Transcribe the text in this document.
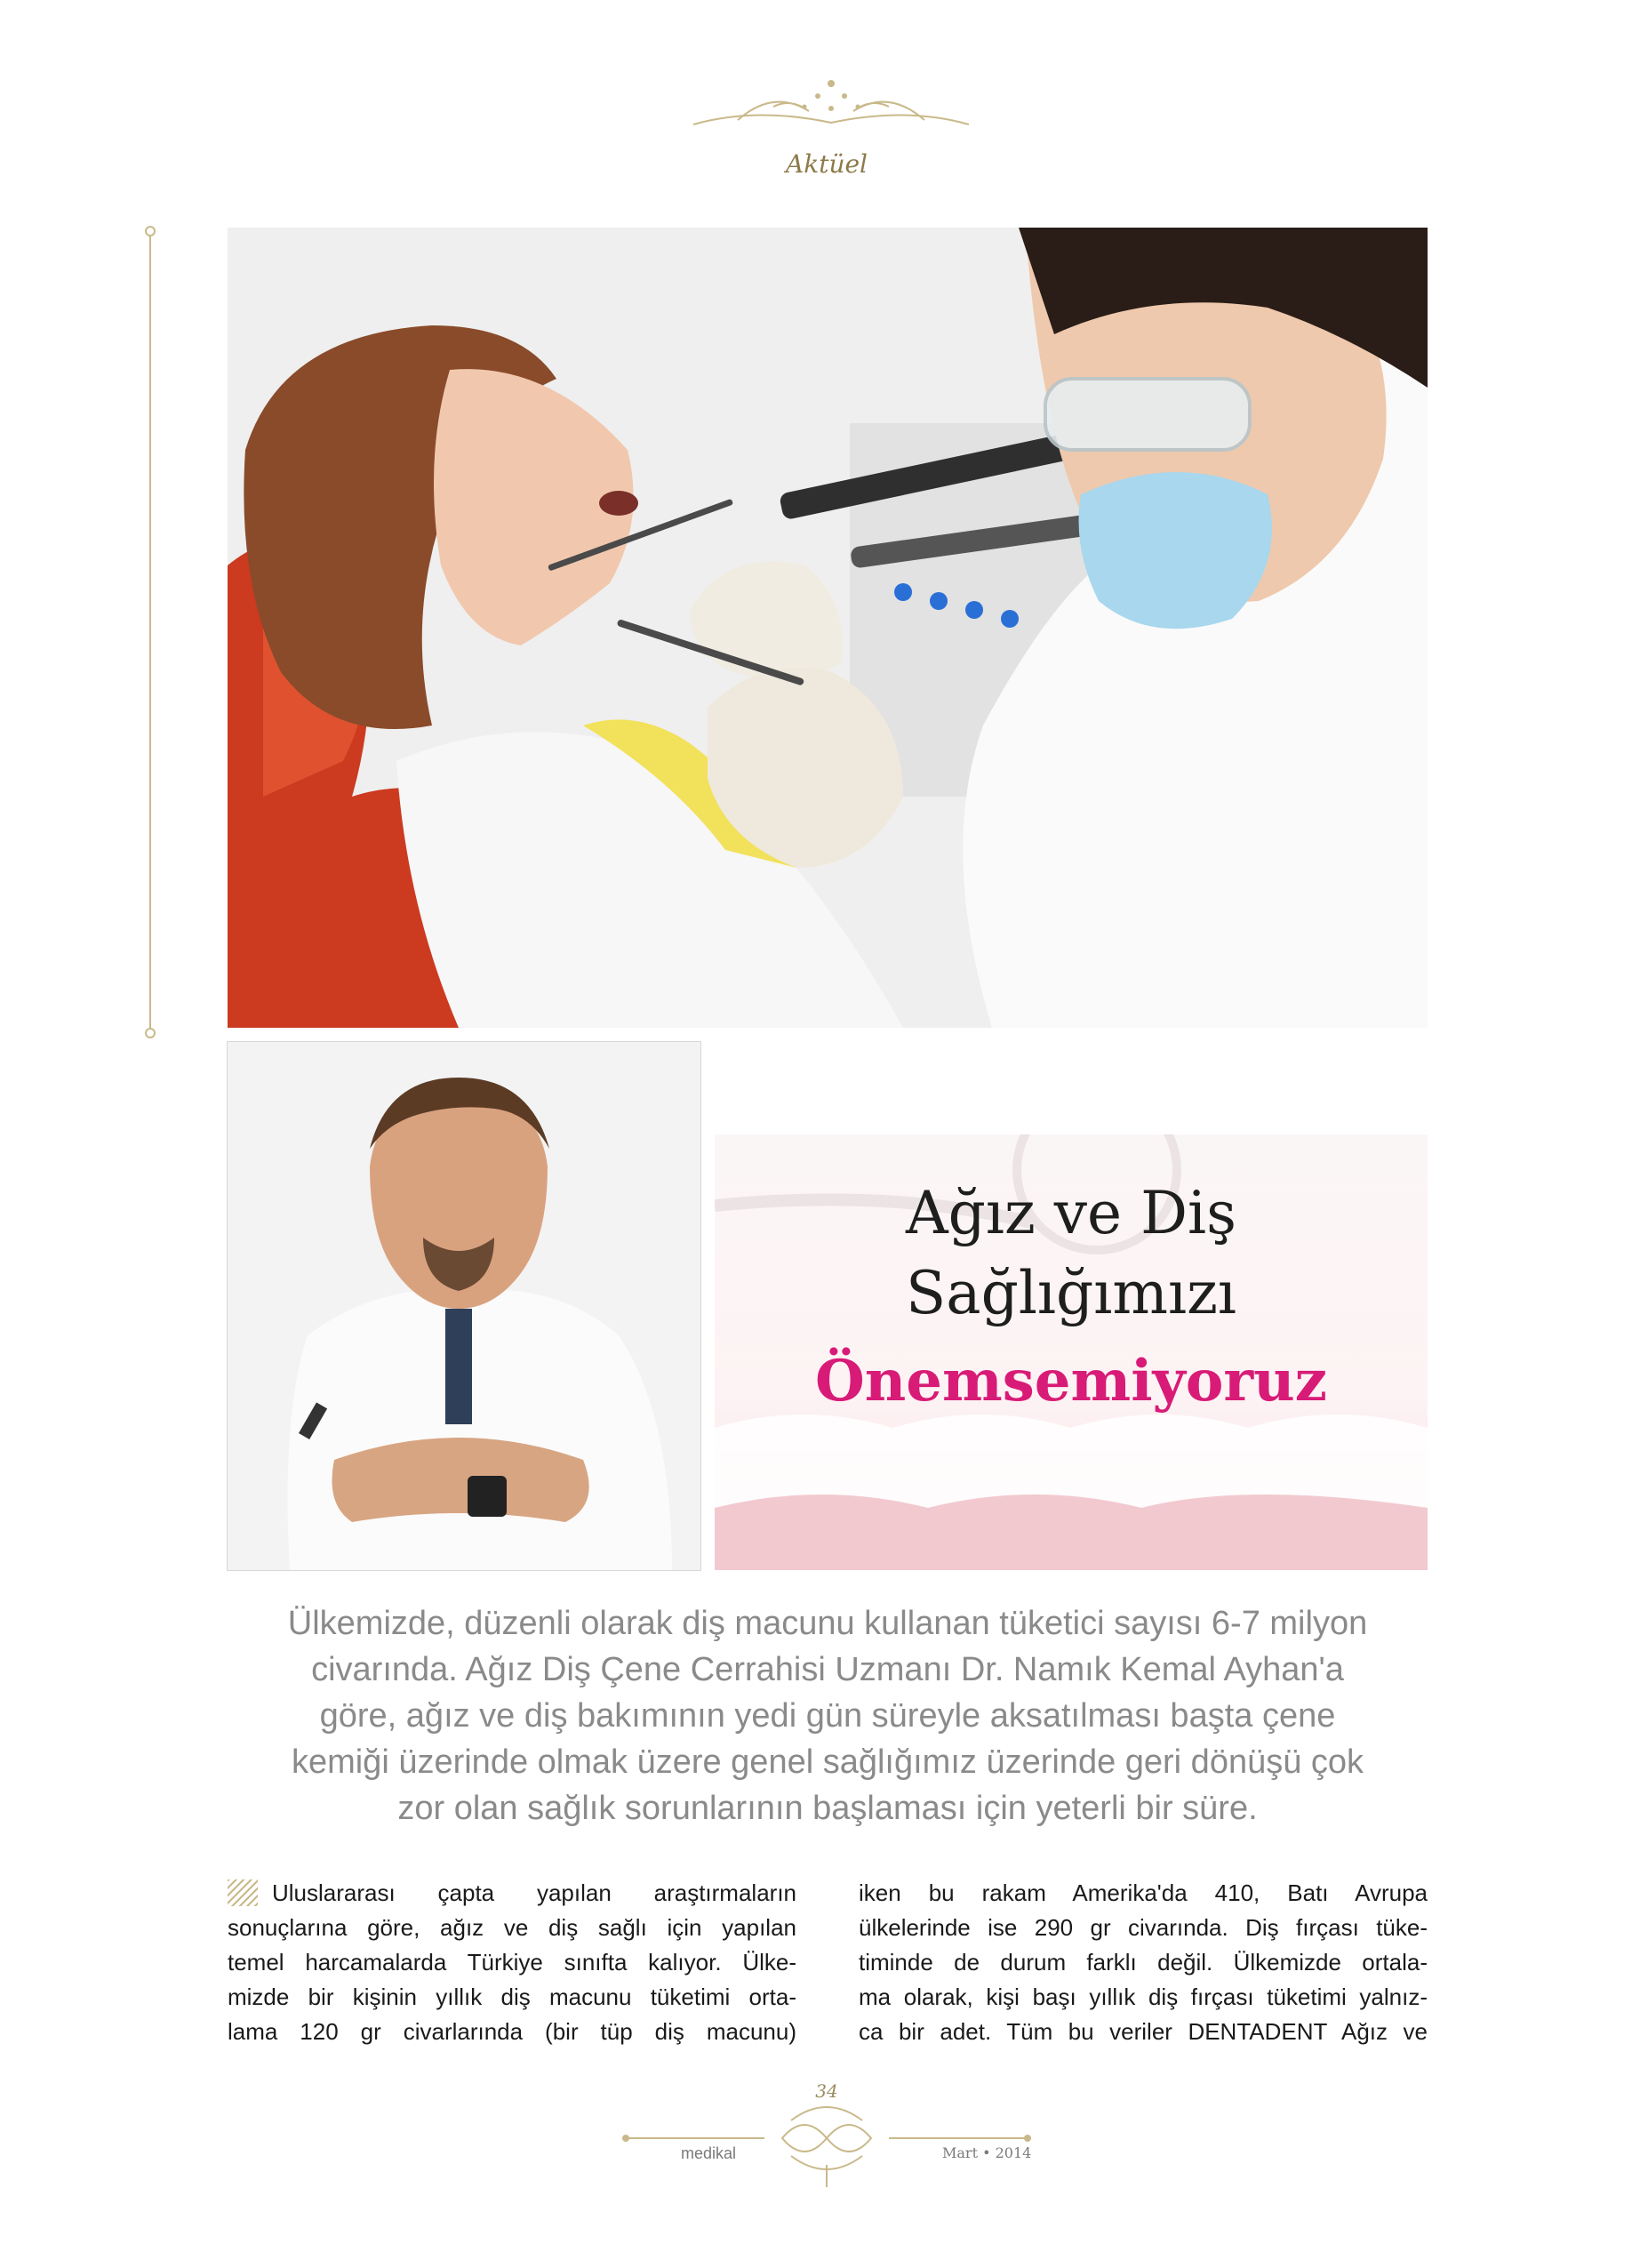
Aktüel
Ağız ve Diş
Sağlığımızı
Önemsemiyoruz
Ülkemizde, düzenli olarak diş macunu kullanan tüketici sayısı 6-7 milyon
civarında. Ağız Diş Çene Cerrahisi Uzmanı Dr. Namık Kemal Ayhan'a
göre, ağız ve diş bakımının yedi gün süreyle aksatılması başta çene
kemiği üzerinde olmak üzere genel sağlığımız üzerinde geri dönüşü çok
zor olan sağlık sorunlarının başlaması için yeterli bir süre.
Uluslararası çapta yapılan araştırmaların
sonuçlarına göre, ağız ve diş sağlı için yapılan
temel harcamalarda Türkiye sınıfta kalıyor. Ülke-
mizde bir kişinin yıllık diş macunu tüketimi orta-
lama 120 gr civarlarında (bir tüp diş macunu)
iken bu rakam Amerika'da 410, Batı Avrupa
ülkelerinde ise 290 gr civarında. Diş fırçası tüke-
timinde de durum farklı değil. Ülkemizde ortala-
ma olarak, kişi başı yıllık diş fırçası tüketimi yalnız-
ca bir adet. Tüm bu veriler DENTADENT Ağız ve
34
medikal	Mart • 2014
